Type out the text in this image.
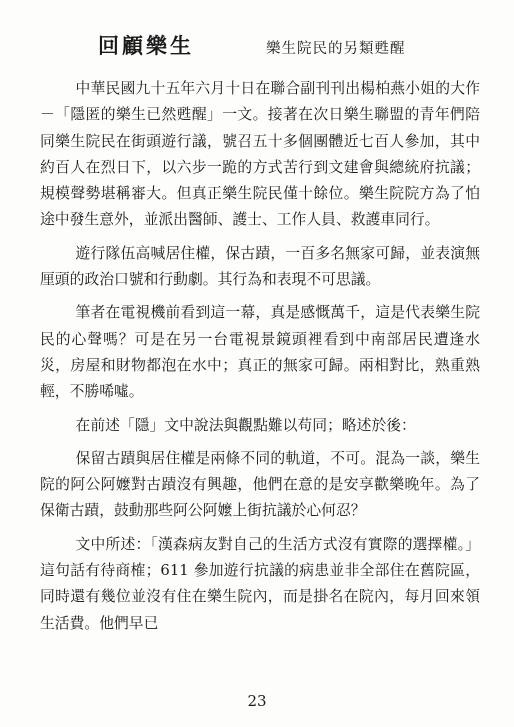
回顧樂生	樂生院民的另類甦醒

中華民國九十五年六月十日在聯合副刊刊出楊柏燕小姐的大作－「隱匿的樂生已然甦醒」一文。接著在次日樂生聯盟的青年們陪同樂生院民在街頭遊行議，號召五十多個團體近七百人參加，其中約百人在烈日下，以六步一跪的方式苦行到文建會與總統府抗議；規模聲勢堪稱審大。但真正樂生院民僅十餘位。樂生院院方為了怕途中發生意外，並派出醫師、護士、工作人員、救護車同行。

遊行隊伍高喊居住權，保古蹟，一百多名無家可歸，並表演無厘頭的政治口號和行動劇。其行為和表現不可思議。

筆者在電視機前看到這一幕，真是感慨萬千，這是代表樂生院民的心聲嗎？可是在另一台電視景鏡頭裡看到中南部居民遭逢水災，房屋和財物都泡在水中；真正的無家可歸。兩相對比，熟重熟輕，不勝唏噓。

在前述「隱」文中說法與觀點難以苟同；略述於後：

保留古蹟與居住權是兩條不同的軌道，不可。混為一談，樂生院的阿公阿嬤對古蹟沒有興趣，他們在意的是安享歡樂晚年。為了保衛古蹟，鼓動那些阿公阿嬤上街抗議於心何忍？

文中所述：「漢森病友對自己的生活方式沒有實際的選擇權。」這句話有待商榷；611 參加遊行抗議的病患並非全部住在舊院區，同時還有幾位並沒有住在樂生院內，而是掛名在院內，每月回來領生活費。他們早已

23
